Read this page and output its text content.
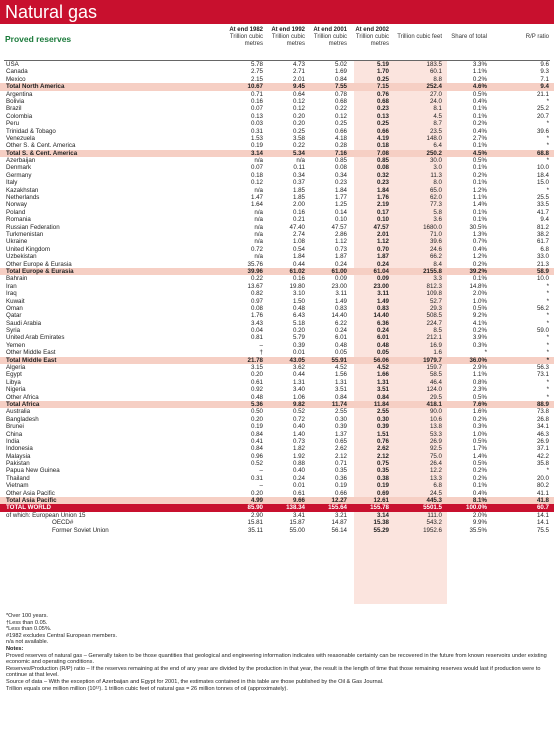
Natural gas
Proved reserves
At end 1982
Trillion cubic metres
At end 1992
Trillion cubic metres
At end 2001
Trillion cubic metres
At end 2002
Trillion cubic metres

Trillion cubic feet
	Share of total
	R/P ratio
USA	5.78	4.73	5.02	5.19	183.5	3.3%	9.6
Canada	2.75	2.71	1.69	1.70	60.1	1.1%	9.3
Mexico	2.15	2.01	0.84	0.25	8.8	0.2%	7.1
Total North America	10.67	9.45	7.55	7.15	252.4	4.6%	9.4
Argentina	0.71	0.64	0.78	0.76	27.0	0.5%	21.1
Bolivia	0.16	0.12	0.68	0.68	24.0	0.4%	*
Brazil	0.07	0.12	0.22	0.23	8.1	0.1%	25.2
Colombia	0.13	0.20	0.12	0.13	4.5	0.1%	20.7
Peru	0.03	0.20	0.25	0.25	8.7	0.2%	*
Trinidad & Tobago	0.31	0.25	0.66	0.66	23.5	0.4%	39.6
Venezuela	1.53	3.58	4.18	4.19	148.0	2.7%	*
Other S. & Cent. America	0.19	0.22	0.28	0.18	6.4	0.1%	*
Total S. & Cent. America	3.14	5.34	7.16	7.08	250.2	4.5%	68.8
Azerbaijan	n/a	n/a	0.85	0.85	30.0	0.5%	*
Denmark	0.07	0.11	0.08	0.08	3.0	0.1%	10.0
Germany	0.18	0.34	0.34	0.32	11.3	0.2%	18.4
Italy	0.12	0.37	0.23	0.23	8.0	0.1%	15.0
Kazakhstan	n/a	1.85	1.84	1.84	65.0	1.2%	*
Netherlands	1.47	1.85	1.77	1.76	62.0	1.1%	25.5
Norway	1.64	2.00	1.25	2.19	77.3	1.4%	33.5
Poland	n/a	0.16	0.14	0.17	5.8	0.1%	41.7
Romania	n/a	0.21	0.10	0.10	3.6	0.1%	9.4
Russian Federation	n/a	47.40	47.57	47.57	1680.0	30.5%	81.2
Turkmenistan	n/a	2.74	2.86	2.01	71.0	1.3%	38.2
Ukraine	n/a	1.08	1.12	1.12	39.6	0.7%	61.7
United Kingdom	0.72	0.54	0.73	0.70	24.6	0.4%	6.8
Uzbekistan	n/a	1.84	1.87	1.87	66.2	1.2%	33.0
Other Europe & Eurasia	35.76	0.44	0.24	0.24	8.4	0.2%	21.3
Total Europe & Eurasia	39.96	61.02	61.00	61.04	2155.8	39.2%	58.9
Bahrain	0.22	0.16	0.09	0.09	3.3	0.1%	10.0
Iran	13.67	19.80	23.00	23.00	812.3	14.8%	*
Iraq	0.82	3.10	3.11	3.11	109.8	2.0%	*
Kuwait	0.97	1.50	1.49	1.49	52.7	1.0%	*
Oman	0.08	0.48	0.83	0.83	29.3	0.5%	56.2
Qatar	1.76	6.43	14.40	14.40	508.5	9.2%	*
Saudi Arabia	3.43	5.18	6.22	6.36	224.7	4.1%	*
Syria	0.04	0.20	0.24	0.24	8.5	0.2%	59.0
United Arab Emirates	0.81	5.79	6.01	6.01	212.1	3.9%	*
Yemen	–	0.39	0.48	0.48	16.9	0.3%	*
Other Middle East	†	0.01	0.05	0.05	1.6	*	*
Total Middle East	21.78	43.05	55.91	56.06	1979.7	36.0%	*
Algeria	3.15	3.62	4.52	4.52	159.7	2.9%	56.3
Egypt	0.20	0.44	1.56	1.66	58.5	1.1%	73.1
Libya	0.61	1.31	1.31	1.31	46.4	0.8%	*
Nigeria	0.92	3.40	3.51	3.51	124.0	2.3%	*
Other Africa	0.48	1.06	0.84	0.84	29.5	0.5%	*
Total Africa	5.36	9.82	11.74	11.84	418.1	7.6%	88.9
Australia	0.50	0.52	2.55	2.55	90.0	1.6%	73.8
Bangladesh	0.20	0.72	0.30	0.30	10.6	0.2%	26.8
Brunei	0.19	0.40	0.39	0.39	13.8	0.3%	34.1
China	0.84	1.40	1.37	1.51	53.3	1.0%	46.3
India	0.41	0.73	0.65	0.76	26.9	0.5%	26.9
Indonesia	0.84	1.82	2.62	2.62	92.5	1.7%	37.1
Malaysia	0.96	1.92	2.12	2.12	75.0	1.4%	42.2
Pakistan	0.52	0.88	0.71	0.75	26.4	0.5%	35.8
Papua New Guinea	–	0.40	0.35	0.35	12.2	0.2%	*
Thailand	0.31	0.24	0.36	0.38	13.3	0.2%	20.0
Vietnam	–	0.01	0.19	0.19	6.8	0.1%	80.2
Other Asia Pacific	0.20	0.61	0.66	0.69	24.5	0.4%	41.1
Total Asia Pacific	4.99	9.66	12.27	12.61	445.3	8.1%	41.8
TOTAL WORLD	85.90	138.34	155.64	155.78	5501.5	100.0%	60.7
of which: European Union 15	2.90	3.41	3.21	3.14	111.0	2.0%	14.1
OECD#	15.81	15.87	14.87	15.38	543.2	9.9%	14.1
Former Soviet Union	35.11	55.00	56.14	55.29	1952.6	35.5%	75.5
*Over 100 years.
†Less than 0.05.
*Less than 0.05%.
#1982 excludes Central European members.
n/a not available.
Notes:
Proved reserves of natural gas – Generally taken to be those quantities that geological and engineering information indicates with reasonable certainty can be recovered in the future from known reservoirs under existing economic and operating conditions.
Reserves/Production (R/P) ratio – If the reserves remaining at the end of any year are divided by the production in that year, the result is the length of time that those remaining reserves would last if production were to continue at that level.
Source of data – With the exception of Azerbaijan and Egypt for 2001, the estimates contained in this table are those published by the Oil & Gas Journal.
Trillion equals one million million (10¹²). 1 trillion cubic feet of natural gas = 26 million tonnes of oil (approximately).
